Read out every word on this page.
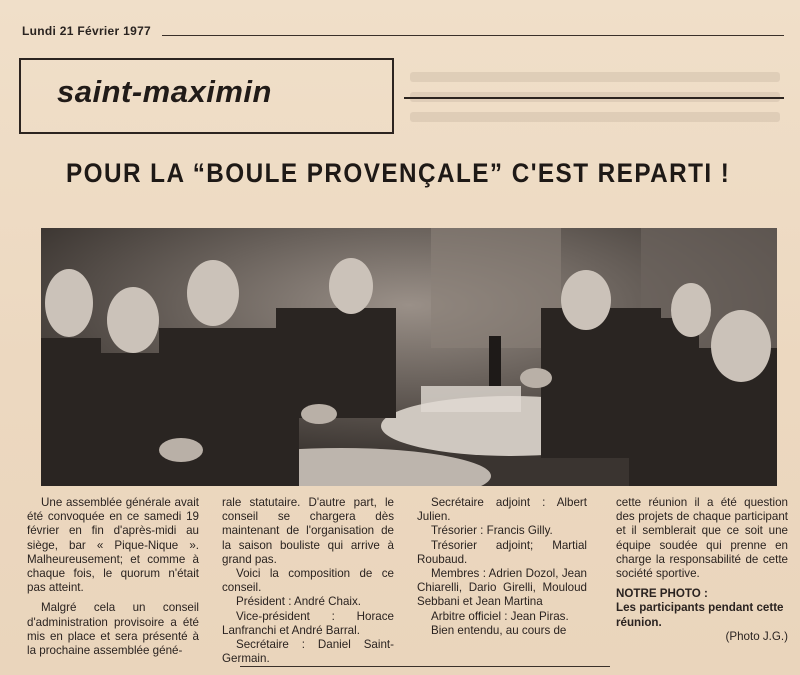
Lundi 21 Février 1977
saint-maximin
POUR LA “BOULE PROVENÇALE” C'EST REPARTI !

Une assemblée générale avait été convoquée en ce samedi 19 février en fin d'après-midi au siège, bar « Pique-Nique ». Malheureusement; et comme à chaque fois, le quorum n'était pas atteint.

Malgré cela un conseil d'administration provisoire a été mis en place et sera présenté à la prochaine assemblée géné-

rale statutaire. D'autre part, le conseil se chargera dès maintenant de l'organisation de la saison bouliste qui arrive à grand pas.

Voici la composition de ce conseil.

Président : André Chaix.

Vice-président : Horace Lanfranchi et André Barral.

Secrétaire : Daniel Saint-Germain.

Secrétaire adjoint : Albert Julien.

Trésorier : Francis Gilly.

Trésorier adjoint; Martial Roubaud.

Membres : Adrien Dozol, Jean Chiarelli, Dario Girelli, Mouloud Sebbani et Jean Martina

Arbitre officiel : Jean Piras.

Bien entendu, au cours de

cette réunion il a été question des projets de chaque participant et il semblerait que ce soit une équipe soudée qui prenne en charge la responsabilité de cette société sportive.

NOTRE PHOTO :

Les participants pendant cette réunion.

(Photo J.G.)
